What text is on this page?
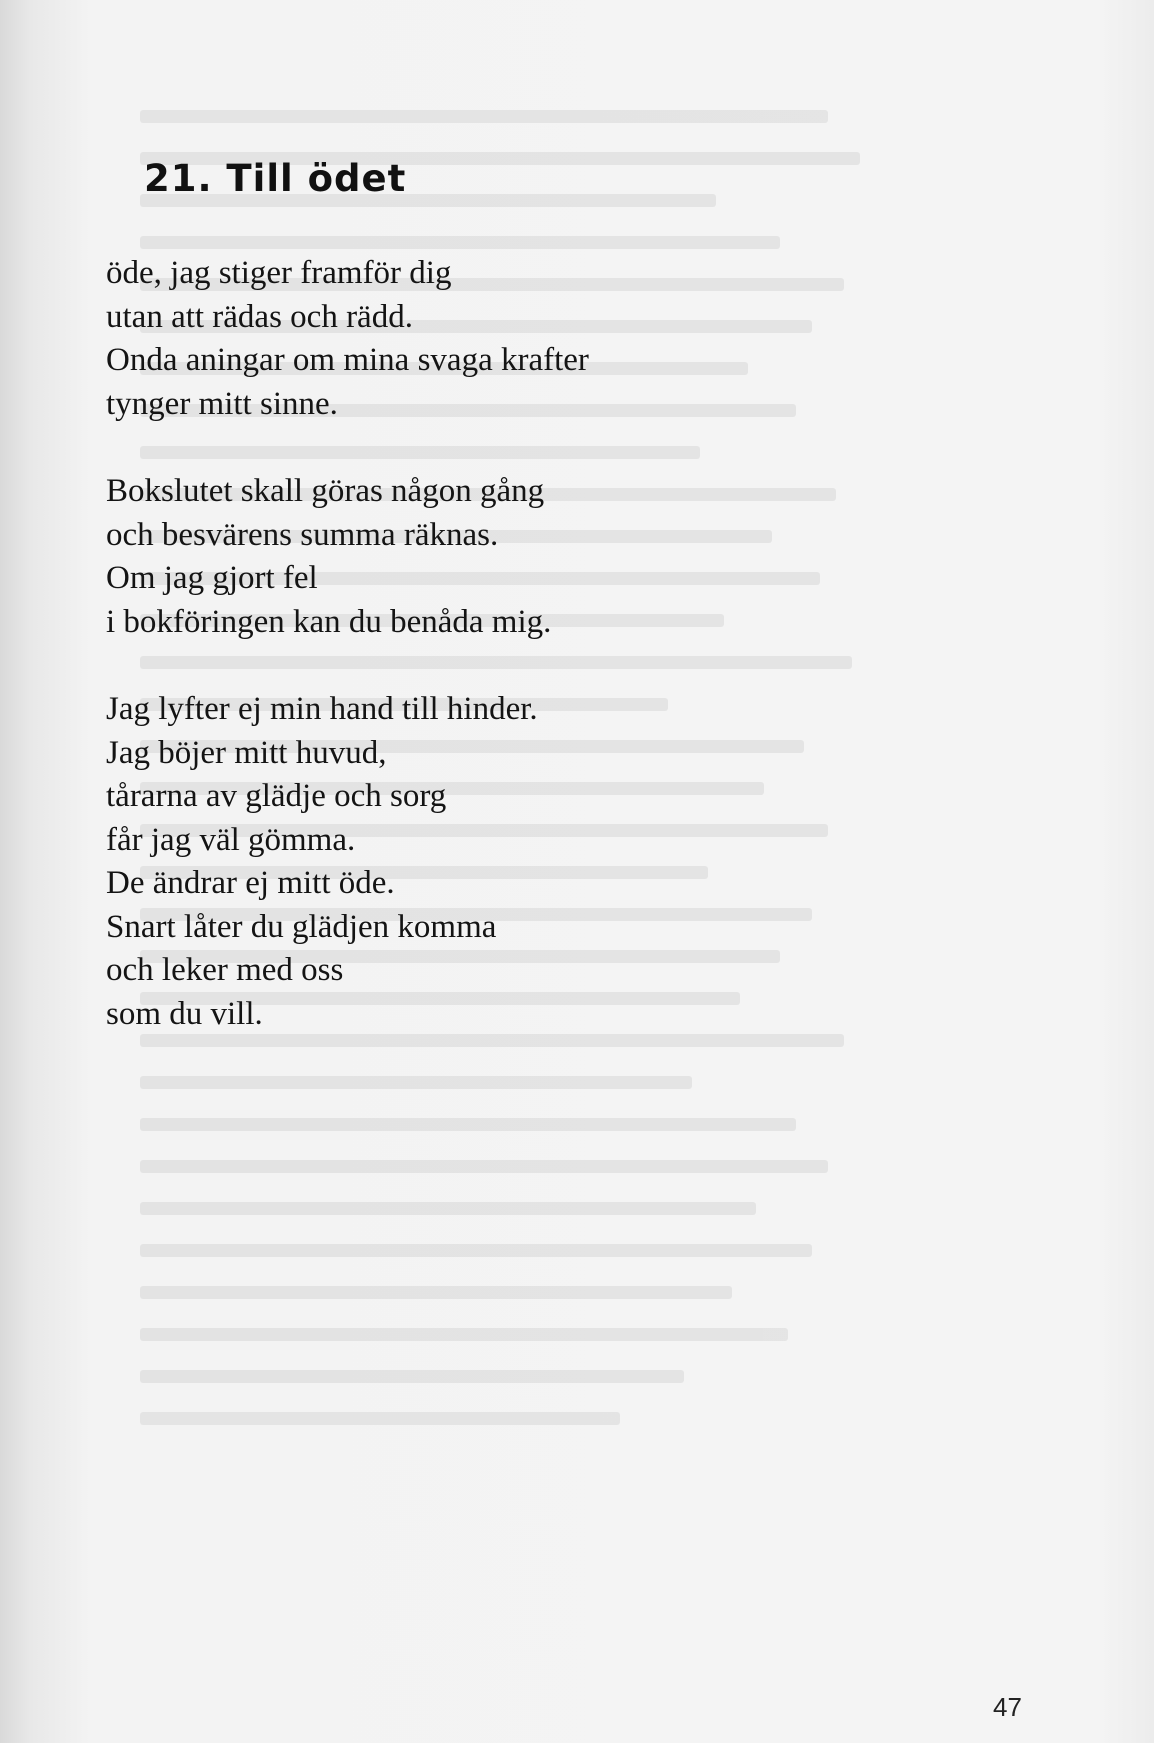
21. Till ödet
öde, jag stiger framför dig
utan att rädas och rädd.
Onda aningar om mina svaga krafter
tynger mitt sinne.
Bokslutet skall göras någon gång
och besvärens summa räknas.
Om jag gjort fel
i bokföringen kan du benåda mig.
Jag lyfter ej min hand till hinder.
Jag böjer mitt huvud,
tårarna av glädje och sorg
får jag väl gömma.
De ändrar ej mitt öde.
Snart låter du glädjen komma
och leker med oss
som du vill.
47
